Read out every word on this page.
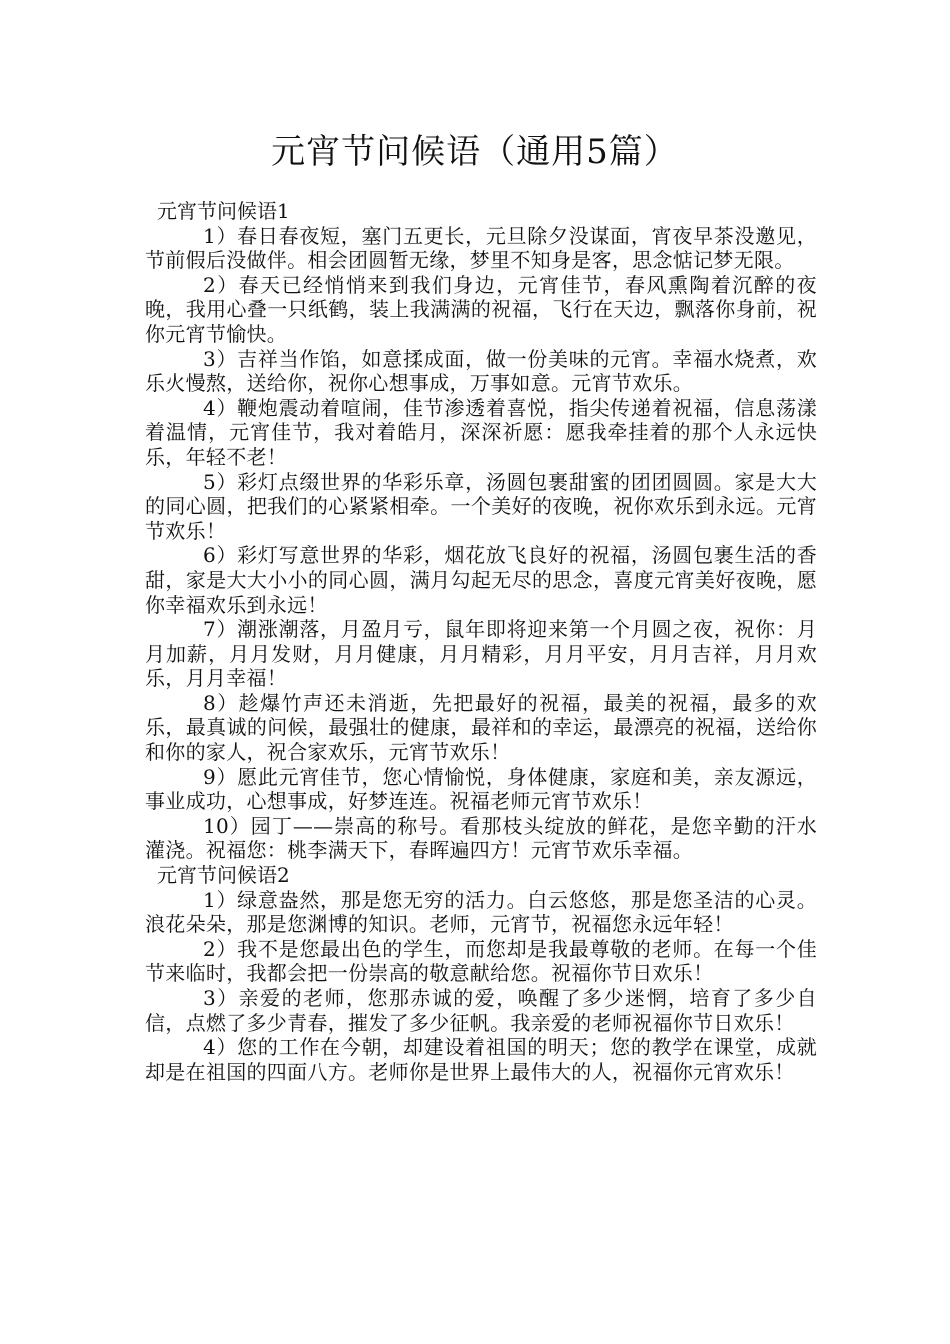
元宵节问候语（通用5篇）
元宵节问候语1

1）春日春夜短，塞门五更长，元旦除夕没谋面，宵夜早茶没邀见，节前假后没做伴。相会团圆暂无缘，梦里不知身是客，思念惦记梦无限。

2）春天已经悄悄来到我们身边，元宵佳节，春风熏陶着沉醉的夜晚，我用心叠一只纸鹤，装上我满满的祝福，飞行在天边，飘落你身前，祝你元宵节愉快。

3）吉祥当作馅，如意揉成面，做一份美味的元宵。幸福水烧煮，欢乐火慢熬，送给你，祝你心想事成，万事如意。元宵节欢乐。

4）鞭炮震动着喧闹，佳节渗透着喜悦，指尖传递着祝福，信息荡漾着温情，元宵佳节，我对着皓月，深深祈愿：愿我牵挂着的那个人永远快乐，年轻不老！

5）彩灯点缀世界的华彩乐章，汤圆包裹甜蜜的团团圆圆。家是大大的同心圆，把我们的心紧紧相牵。一个美好的夜晚，祝你欢乐到永远。元宵节欢乐！

6）彩灯写意世界的华彩，烟花放飞良好的祝福，汤圆包裹生活的香甜，家是大大小小的同心圆，满月勾起无尽的思念，喜度元宵美好夜晚，愿你幸福欢乐到永远！

7）潮涨潮落，月盈月亏，鼠年即将迎来第一个月圆之夜，祝你：月月加薪，月月发财，月月健康，月月精彩，月月平安，月月吉祥，月月欢乐，月月幸福！

8）趁爆竹声还未消逝，先把最好的祝福，最美的祝福，最多的欢乐，最真诚的问候，最强壮的健康，最祥和的幸运，最漂亮的祝福，送给你和你的家人，祝合家欢乐，元宵节欢乐！

9）愿此元宵佳节，您心情愉悦，身体健康，家庭和美，亲友源远，事业成功，心想事成，好梦连连。祝福老师元宵节欢乐！

10）园丁——崇高的称号。看那枝头绽放的鲜花，是您辛勤的汗水灌浇。祝福您：桃李满天下，春晖遍四方！元宵节欢乐幸福。

元宵节问候语2

1）绿意盎然，那是您无穷的活力。白云悠悠，那是您圣洁的心灵。浪花朵朵，那是您渊博的知识。老师，元宵节，祝福您永远年轻！

2）我不是您最出色的学生，而您却是我最尊敬的老师。在每一个佳节来临时，我都会把一份崇高的敬意献给您。祝福你节日欢乐！

3）亲爱的老师，您那赤诚的爱，唤醒了多少迷惘，培育了多少自信，点燃了多少青春，摧发了多少征帆。我亲爱的老师祝福你节日欢乐！

4）您的工作在今朝，却建设着祖国的明天；您的教学在课堂，成就却是在祖国的四面八方。老师你是世界上最伟大的人，祝福你元宵欢乐！
